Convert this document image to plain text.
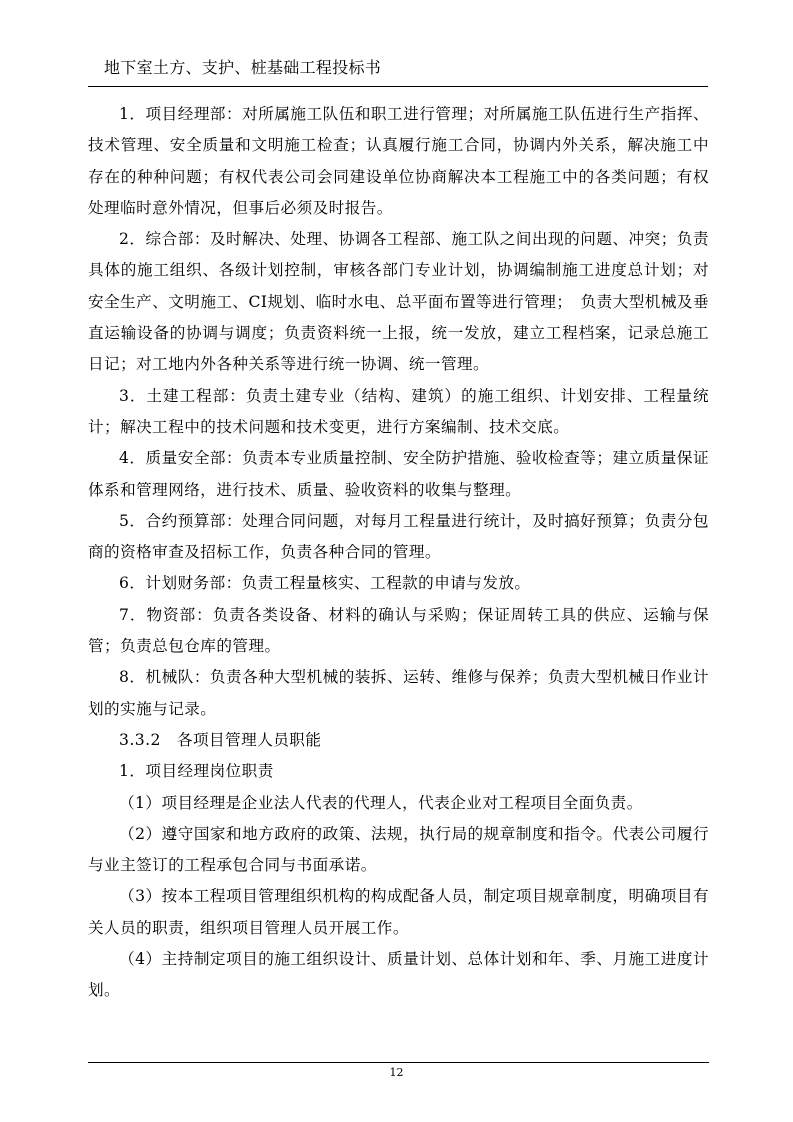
地下室土方、支护、桩基础工程投标书

1．项目经理部：对所属施工队伍和职工进行管理；对所属施工队伍进行生产指挥、技术管理、安全质量和文明施工检查；认真履行施工合同，协调内外关系，解决施工中存在的种种问题；有权代表公司会同建设单位协商解决本工程施工中的各类问题；有权处理临时意外情况，但事后必须及时报告。

2．综合部：及时解决、处理、协调各工程部、施工队之间出现的问题、冲突；负责具体的施工组织、各级计划控制，审核各部门专业计划，协调编制施工进度总计划；对安全生产、文明施工、CI规划、临时水电、总平面布置等进行管理；　负责大型机械及垂直运输设备的协调与调度；负责资料统一上报，统一发放，建立工程档案，记录总施工日记；对工地内外各种关系等进行统一协调、统一管理。

3．土建工程部：负责土建专业（结构、建筑）的施工组织、计划安排、工程量统计；解决工程中的技术问题和技术变更，进行方案编制、技术交底。

4．质量安全部：负责本专业质量控制、安全防护措施、验收检查等；建立质量保证体系和管理网络，进行技术、质量、验收资料的收集与整理。

5．合约预算部：处理合同问题，对每月工程量进行统计，及时搞好预算；负责分包商的资格审查及招标工作，负责各种合同的管理。

6．计划财务部：负责工程量核实、工程款的申请与发放。

7．物资部：负责各类设备、材料的确认与采购；保证周转工具的供应、运输与保管；负责总包仓库的管理。

8．机械队：负责各种大型机械的装拆、运转、维修与保养；负责大型机械日作业计划的实施与记录。

3.3.2　各项目管理人员职能

1．项目经理岗位职责

（1）项目经理是企业法人代表的代理人，代表企业对工程项目全面负责。

（2）遵守国家和地方政府的政策、法规，执行局的规章制度和指令。代表公司履行与业主签订的工程承包合同与书面承诺。

（3）按本工程项目管理组织机构的构成配备人员，制定项目规章制度，明确项目有关人员的职责，组织项目管理人员开展工作。

（4）主持制定项目的施工组织设计、质量计划、总体计划和年、季、月施工进度计划。

12
